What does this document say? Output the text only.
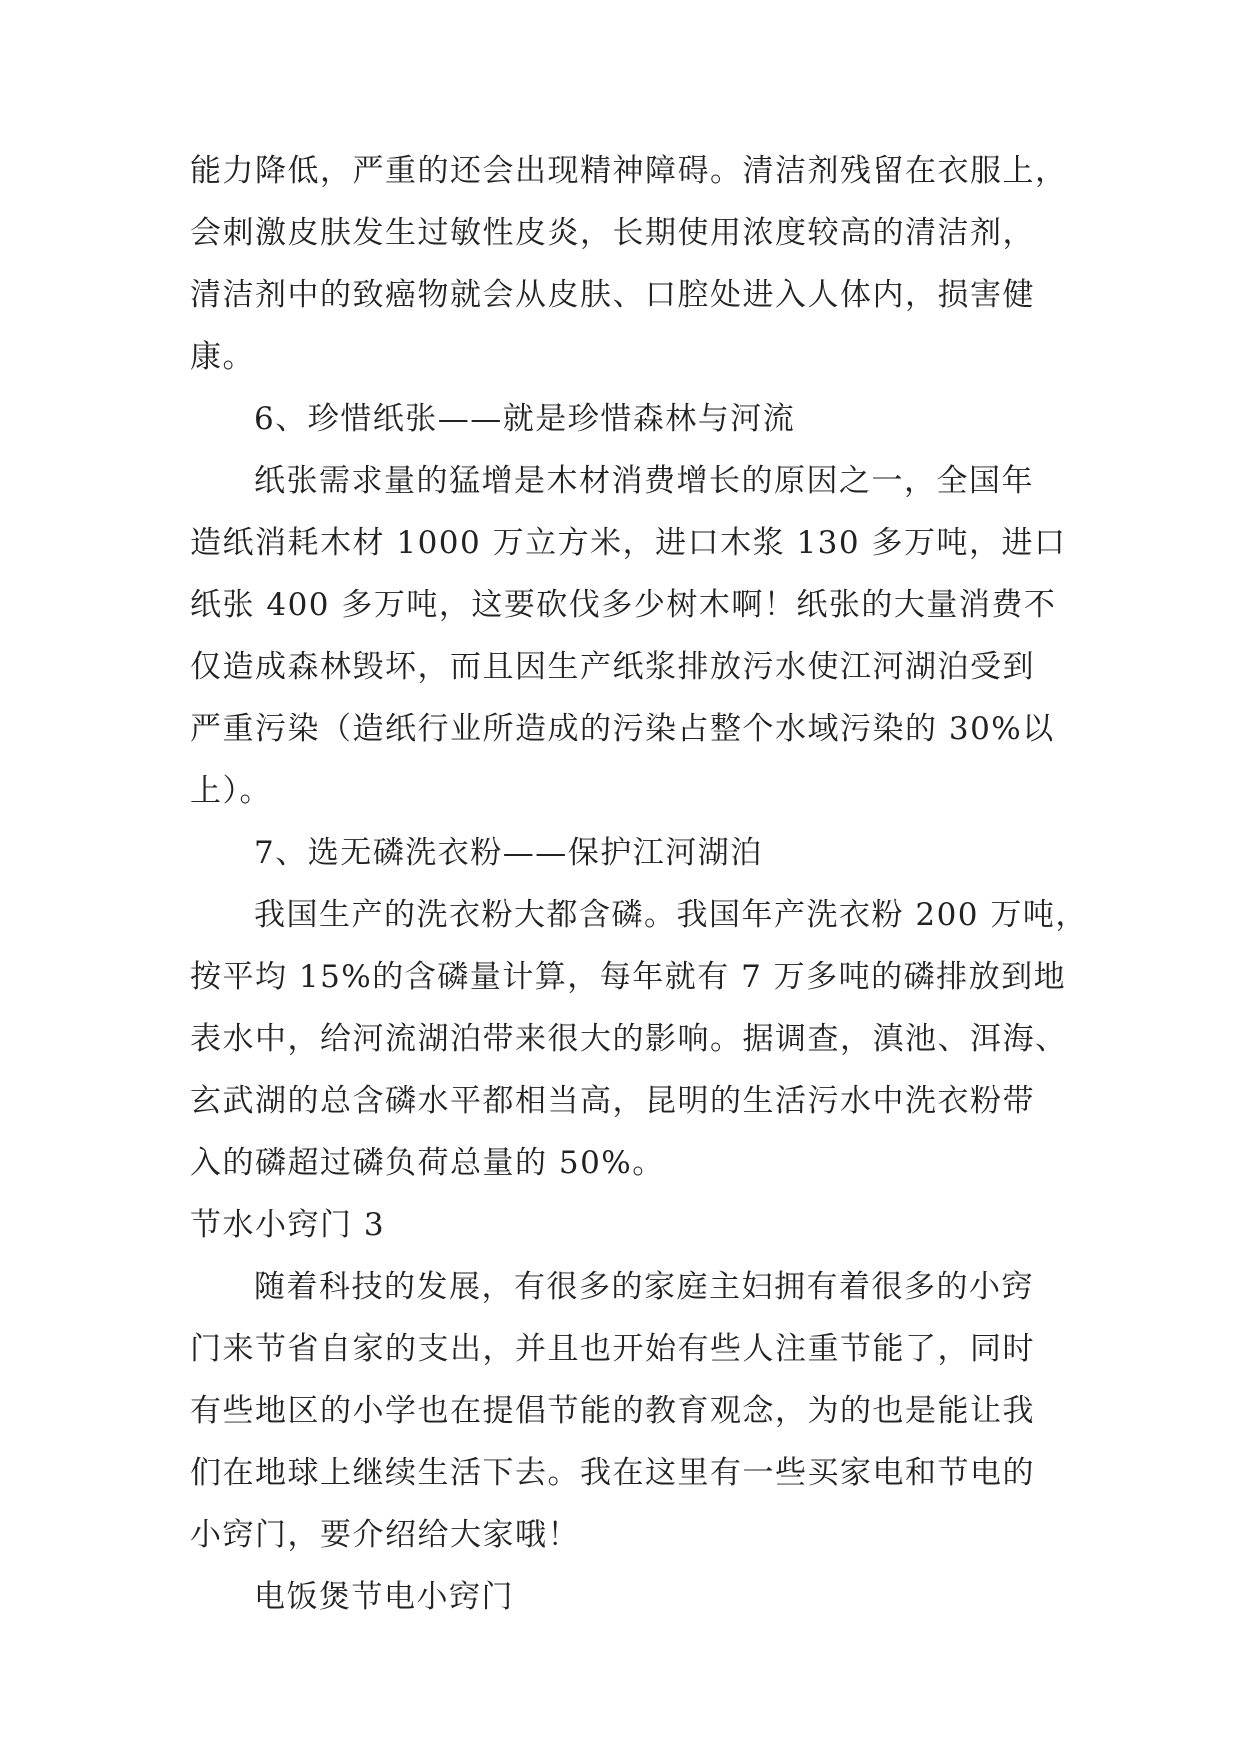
能力降低，严重的还会出现精神障碍。清洁剂残留在衣服上，
会刺激皮肤发生过敏性皮炎，长期使用浓度较高的清洁剂，
清洁剂中的致癌物就会从皮肤、口腔处进入人体内，损害健
康。
6、珍惜纸张——就是珍惜森林与河流
纸张需求量的猛增是木材消费增长的原因之一，全国年
造纸消耗木材 1000 万立方米，进口木浆 130 多万吨，进口
纸张 400 多万吨，这要砍伐多少树木啊！纸张的大量消费不
仅造成森林毁坏，而且因生产纸浆排放污水使江河湖泊受到
严重污染（造纸行业所造成的污染占整个水域污染的 30%以
上）。
7、选无磷洗衣粉——保护江河湖泊
我国生产的洗衣粉大都含磷。我国年产洗衣粉 200 万吨，
按平均 15%的含磷量计算，每年就有 7 万多吨的磷排放到地
表水中，给河流湖泊带来很大的影响。据调查，滇池、洱海、
玄武湖的总含磷水平都相当高，昆明的生活污水中洗衣粉带
入的磷超过磷负荷总量的 50%。
节水小窍门 3
随着科技的发展，有很多的家庭主妇拥有着很多的小窍
门来节省自家的支出，并且也开始有些人注重节能了，同时
有些地区的小学也在提倡节能的教育观念，为的也是能让我
们在地球上继续生活下去。我在这里有一些买家电和节电的
小窍门，要介绍给大家哦！
电饭煲节电小窍门
